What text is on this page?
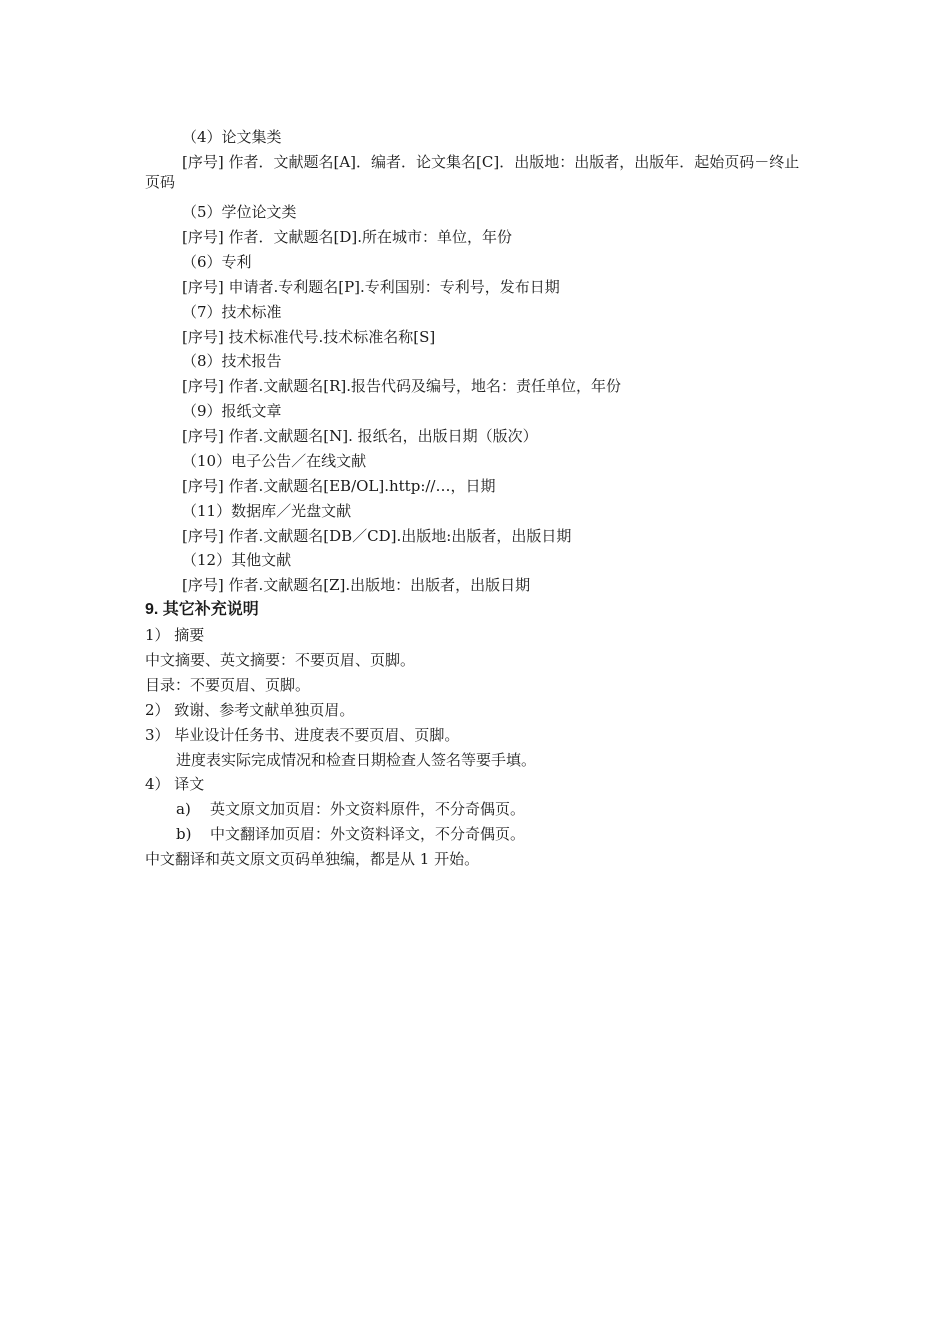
（4）论文集类
[序号] 作者．文献题名[A]．编者．论文集名[C]．出版地：出版者，出版年．起始页码－终止页码
（5）学位论文类
[序号] 作者．文献题名[D].所在城市：单位，年份
（6）专利
[序号] 申请者.专利题名[P].专利国别：专利号，发布日期
（7）技术标准
[序号] 技术标准代号.技术标准名称[S]
（8）技术报告
[序号] 作者.文献题名[R].报告代码及编号，地名：责任单位，年份
（9）报纸文章
[序号] 作者.文献题名[N]. 报纸名，出版日期（版次）
（10）电子公告／在线文献
[序号] 作者.文献题名[EB/OL].http://…，日期
（11）数据库／光盘文献
[序号] 作者.文献题名[DB／CD].出版地:出版者，出版日期
（12）其他文献
[序号] 作者.文献题名[Z].出版地：出版者，出版日期
9. 其它补充说明
1） 摘要
中文摘要、英文摘要：不要页眉、页脚。
目录：不要页眉、页脚。
2） 致谢、参考文献单独页眉。
3） 毕业设计任务书、进度表不要页眉、页脚。
进度表实际完成情况和检查日期检查人签名等要手填。
4） 译文
a) 英文原文加页眉：外文资料原件，不分奇偶页。
b) 中文翻译加页眉：外文资料译文，不分奇偶页。
中文翻译和英文原文页码单独编，都是从 1 开始。
